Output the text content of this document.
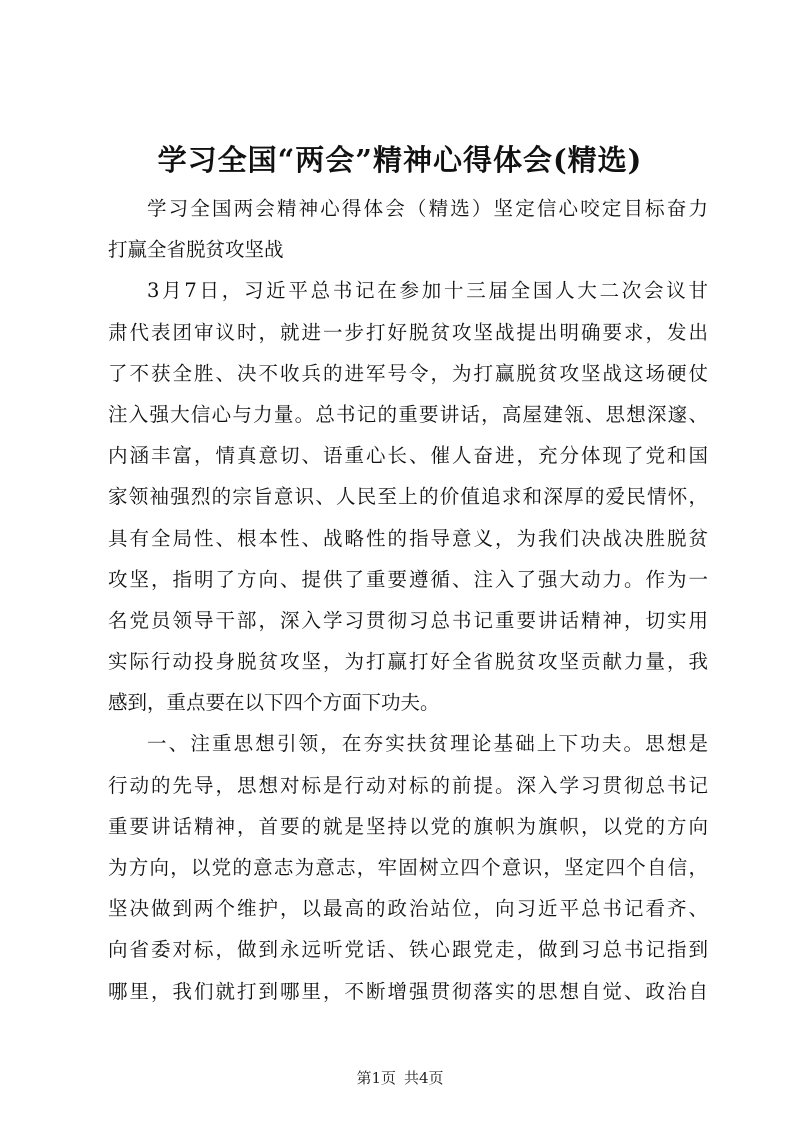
学习全国“两会”精神心得体会(精选)
学习全国两会精神心得体会（精选）坚定信心咬定目标奋力
打赢全省脱贫攻坚战
3月7日，习近平总书记在参加十三届全国人大二次会议甘
肃代表团审议时，就进一步打好脱贫攻坚战提出明确要求，发出
了不获全胜、决不收兵的进军号令，为打赢脱贫攻坚战这场硬仗
注入强大信心与力量。总书记的重要讲话，高屋建瓴、思想深邃、
内涵丰富，情真意切、语重心长、催人奋进，充分体现了党和国
家领袖强烈的宗旨意识、人民至上的价值追求和深厚的爱民情怀，
具有全局性、根本性、战略性的指导意义，为我们决战决胜脱贫
攻坚，指明了方向、提供了重要遵循、注入了强大动力。作为一
名党员领导干部，深入学习贯彻习总书记重要讲话精神，切实用
实际行动投身脱贫攻坚，为打赢打好全省脱贫攻坚贡献力量，我
感到，重点要在以下四个方面下功夫。
一、注重思想引领，在夯实扶贫理论基础上下功夫。思想是
行动的先导，思想对标是行动对标的前提。深入学习贯彻总书记
重要讲话精神，首要的就是坚持以党的旗帜为旗帜，以党的方向
为方向，以党的意志为意志，牢固树立四个意识，坚定四个自信，
坚决做到两个维护，以最高的政治站位，向习近平总书记看齐、
向省委对标，做到永远听党话、铁心跟党走，做到习总书记指到
哪里，我们就打到哪里，不断增强贯彻落实的思想自觉、政治自
第1页 共4页
